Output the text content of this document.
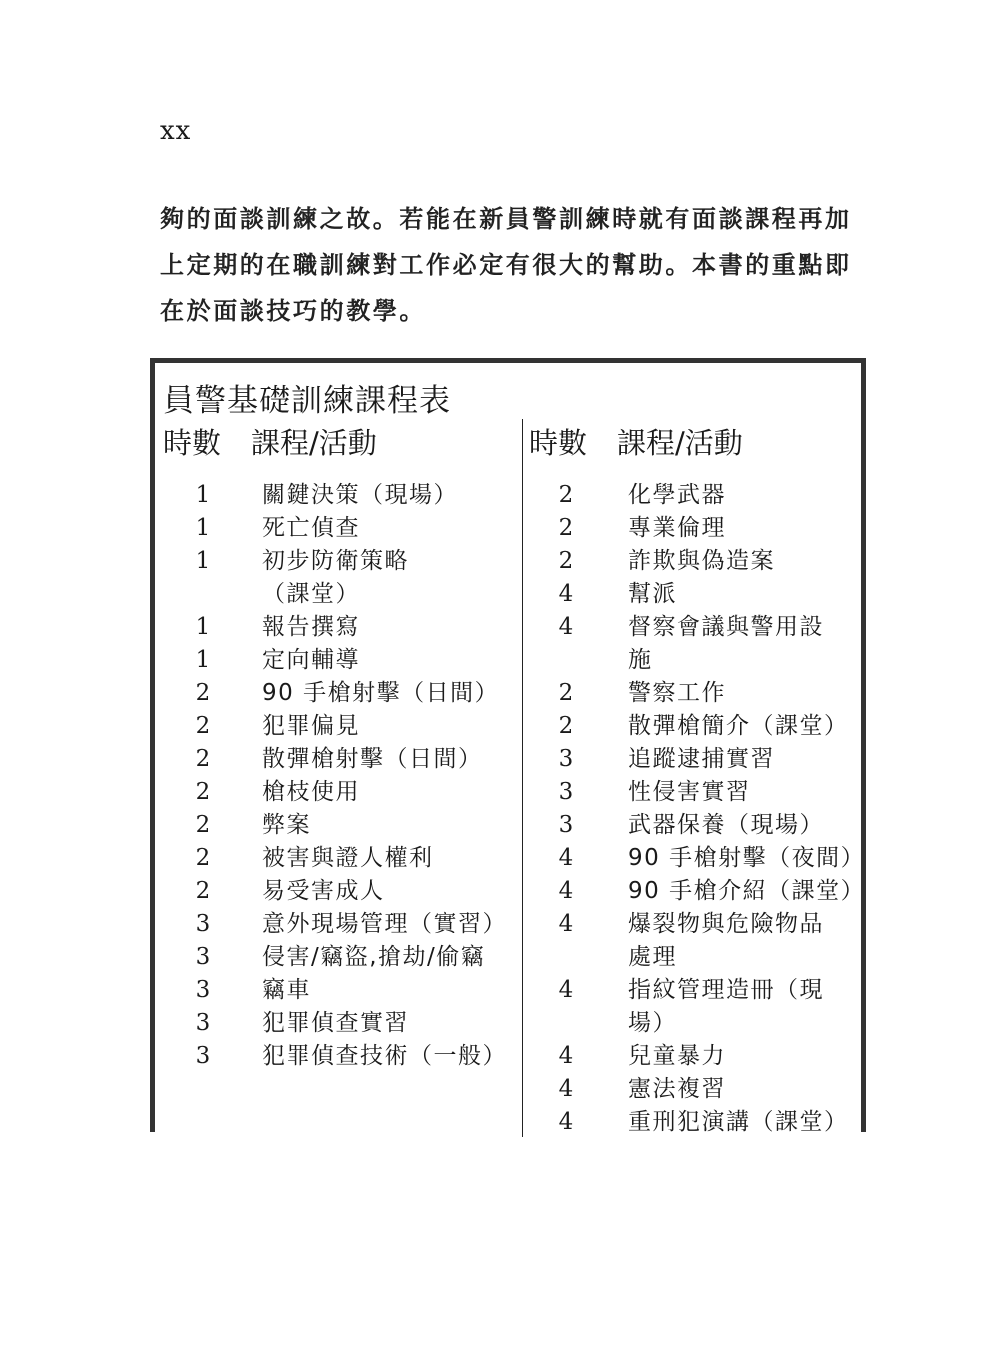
xx
夠的面談訓練之故。若能在新員警訓練時就有面談課程再加
上定期的在職訓練對工作必定有很大的幫助。本書的重點即
在於面談技巧的教學。
員警基礎訓練課程表
時數 課程/活動	時數 課程/活動
1	關鍵決策（現場）
1	死亡偵查
1	初步防衛策略
（課堂）
1	報告撰寫
1	定向輔導
2	90 手槍射擊（日間）
2	犯罪偏見
2	散彈槍射擊（日間）
2	槍枝使用
2	弊案
2	被害與證人權利
2	易受害成人
3	意外現場管理（實習）
3	侵害/竊盜,搶劫/偷竊
3	竊車
3	犯罪偵查實習
3	犯罪偵查技術（一般）
2	化學武器
2	專業倫理
2	詐欺與偽造案
4	幫派
4	督察會議與警用設
施
2	警察工作
2	散彈槍簡介（課堂）
3	追蹤逮捕實習
3	性侵害實習
3	武器保養（現場）
4	90 手槍射擊（夜間）
4	90 手槍介紹（課堂）
4	爆裂物與危險物品
處理
4	指紋管理造冊（現
場）
4	兒童暴力
4	憲法複習
4	重刑犯演講（課堂）
